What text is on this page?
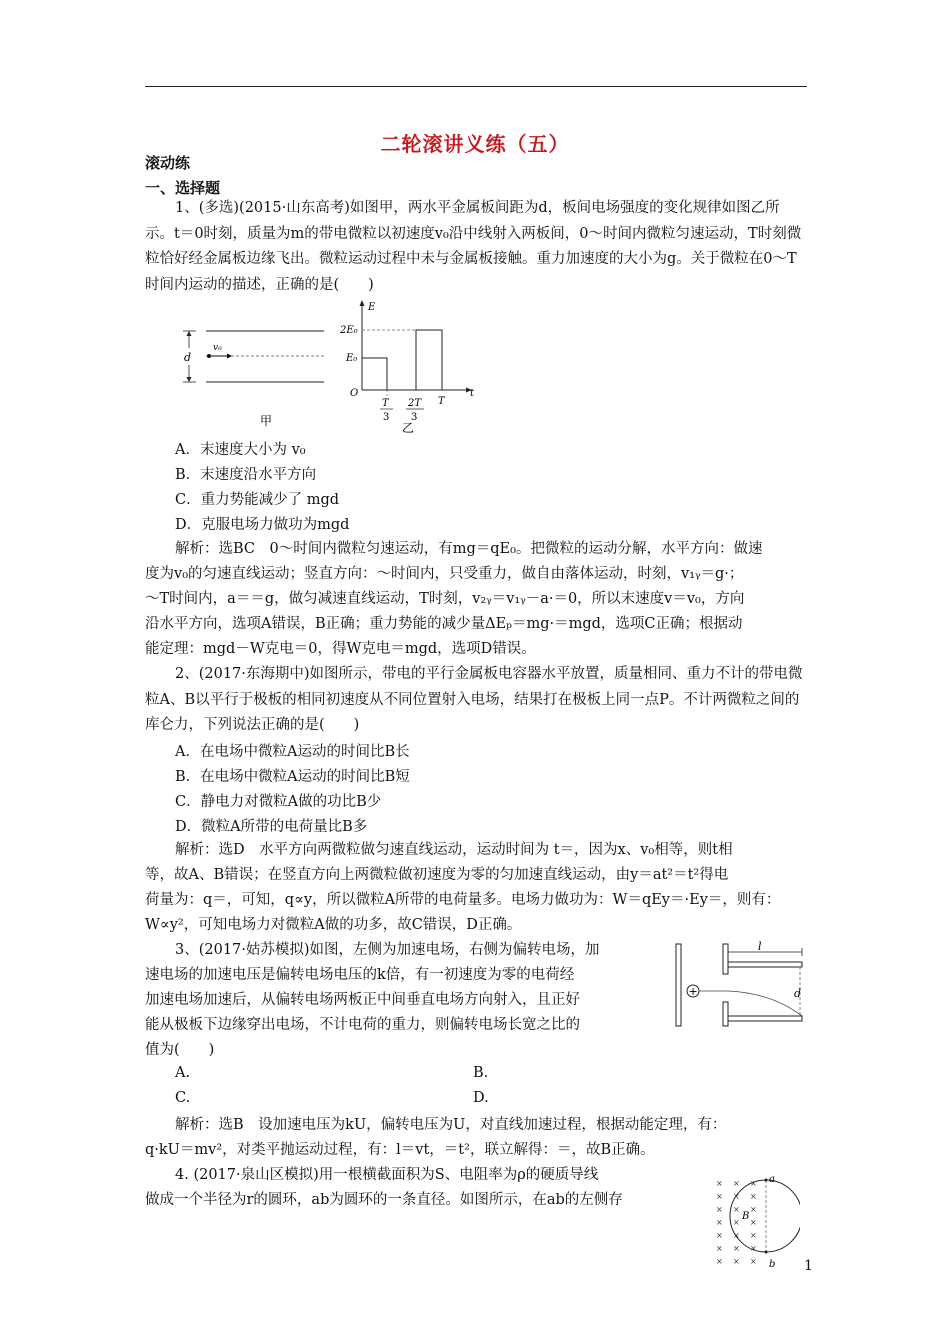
二轮滚讲义练（五）
滚动练
一、选择题
1、(多选)(2015·山东高考)如图甲，两水平金属板间距为d，板间电场强度的变化规律如图乙所示。t＝0时刻，质量为m的带电微粒以初速度v₀沿中线射入两板间，0～时间内微粒匀速运动，T时刻微粒恰好经金属板边缘飞出。微粒运动过程中未与金属板接触。重力加速度的大小为g。关于微粒在0～T时间内运动的描述，正确的是(　　)
d
v₀
甲
E
2E₀
E₀
O	t
T
3
2T
3
T
乙
A．末速度大小为 v₀
B．末速度沿水平方向
C．重力势能减少了 mgd
D．克服电场力做功为mgd
解析：选BC　0～时间内微粒匀速运动，有mg＝qE₀。把微粒的运动分解，水平方向：做速
度为v₀的匀速直线运动；竖直方向：～时间内，只受重力，做自由落体运动，时刻，v₁ᵧ＝g·；
～T时间内，a＝＝g，做匀减速直线运动，T时刻，v₂ᵧ＝v₁ᵧ－a·＝0，所以末速度v＝v₀，方向
沿水平方向，选项A错误，B正确；重力势能的减少量ΔEₚ＝mg·＝mgd，选项C正确；根据动
能定理：mgd－W克电＝0，得W克电＝mgd，选项D错误。
2、(2017·东海期中)如图所示，带电的平行金属板电容器水平放置，质量相同、重力不计的带电微粒A、B以平行于极板的相同初速度从不同位置射入电场，结果打在极板上同一点P。不计两微粒之间的库仑力，下列说法正确的是(　　)
A．在电场中微粒A运动的时间比B长
B．在电场中微粒A运动的时间比B短
C．静电力对微粒A做的功比B少
D．微粒A所带的电荷量比B多
解析：选D　水平方向两微粒做匀速直线运动，运动时间为 t＝，因为x、v₀相等，则t相
等，故A、B错误；在竖直方向上两微粒做初速度为零的匀加速直线运动，由y＝at²＝t²得电
荷量为：q＝，可知，q∝y，所以微粒A所带的电荷量多。电场力做功为：W＝qEy＝·Ey＝，则有：
W∝y²，可知电场力对微粒A做的功多，故C错误，D正确。
3、(2017·姑苏模拟)如图，左侧为加速电场，右侧为偏转电场，加
速电场的加速电压是偏转电场电压的k倍，有一初速度为零的电荷经
加速电场加速后，从偏转电场两板正中间垂直电场方向射入，且正好
能从极板下边缘穿出电场，不计电荷的重力，则偏转电场长宽之比的
值为(　　)
l
d
+
A.	B.
C.	D.
解析：选B　设加速电压为kU，偏转电压为U，对直线加速过程，根据动能定理，有：
q·kU＝mv²，对类平抛运动过程，有：l＝vt，＝t²，联立解得：＝，故B正确。
4. (2017·泉山区模拟)用一根横截面积为S、电阻率为ρ的硬质导线
做成一个半径为r的圆环，ab为圆环的一条直径。如图所示，在ab的左侧存
a
b
B
× × ×
× × ×
× × ×
× × ×
× × ×
× × ×
× × ×	1
